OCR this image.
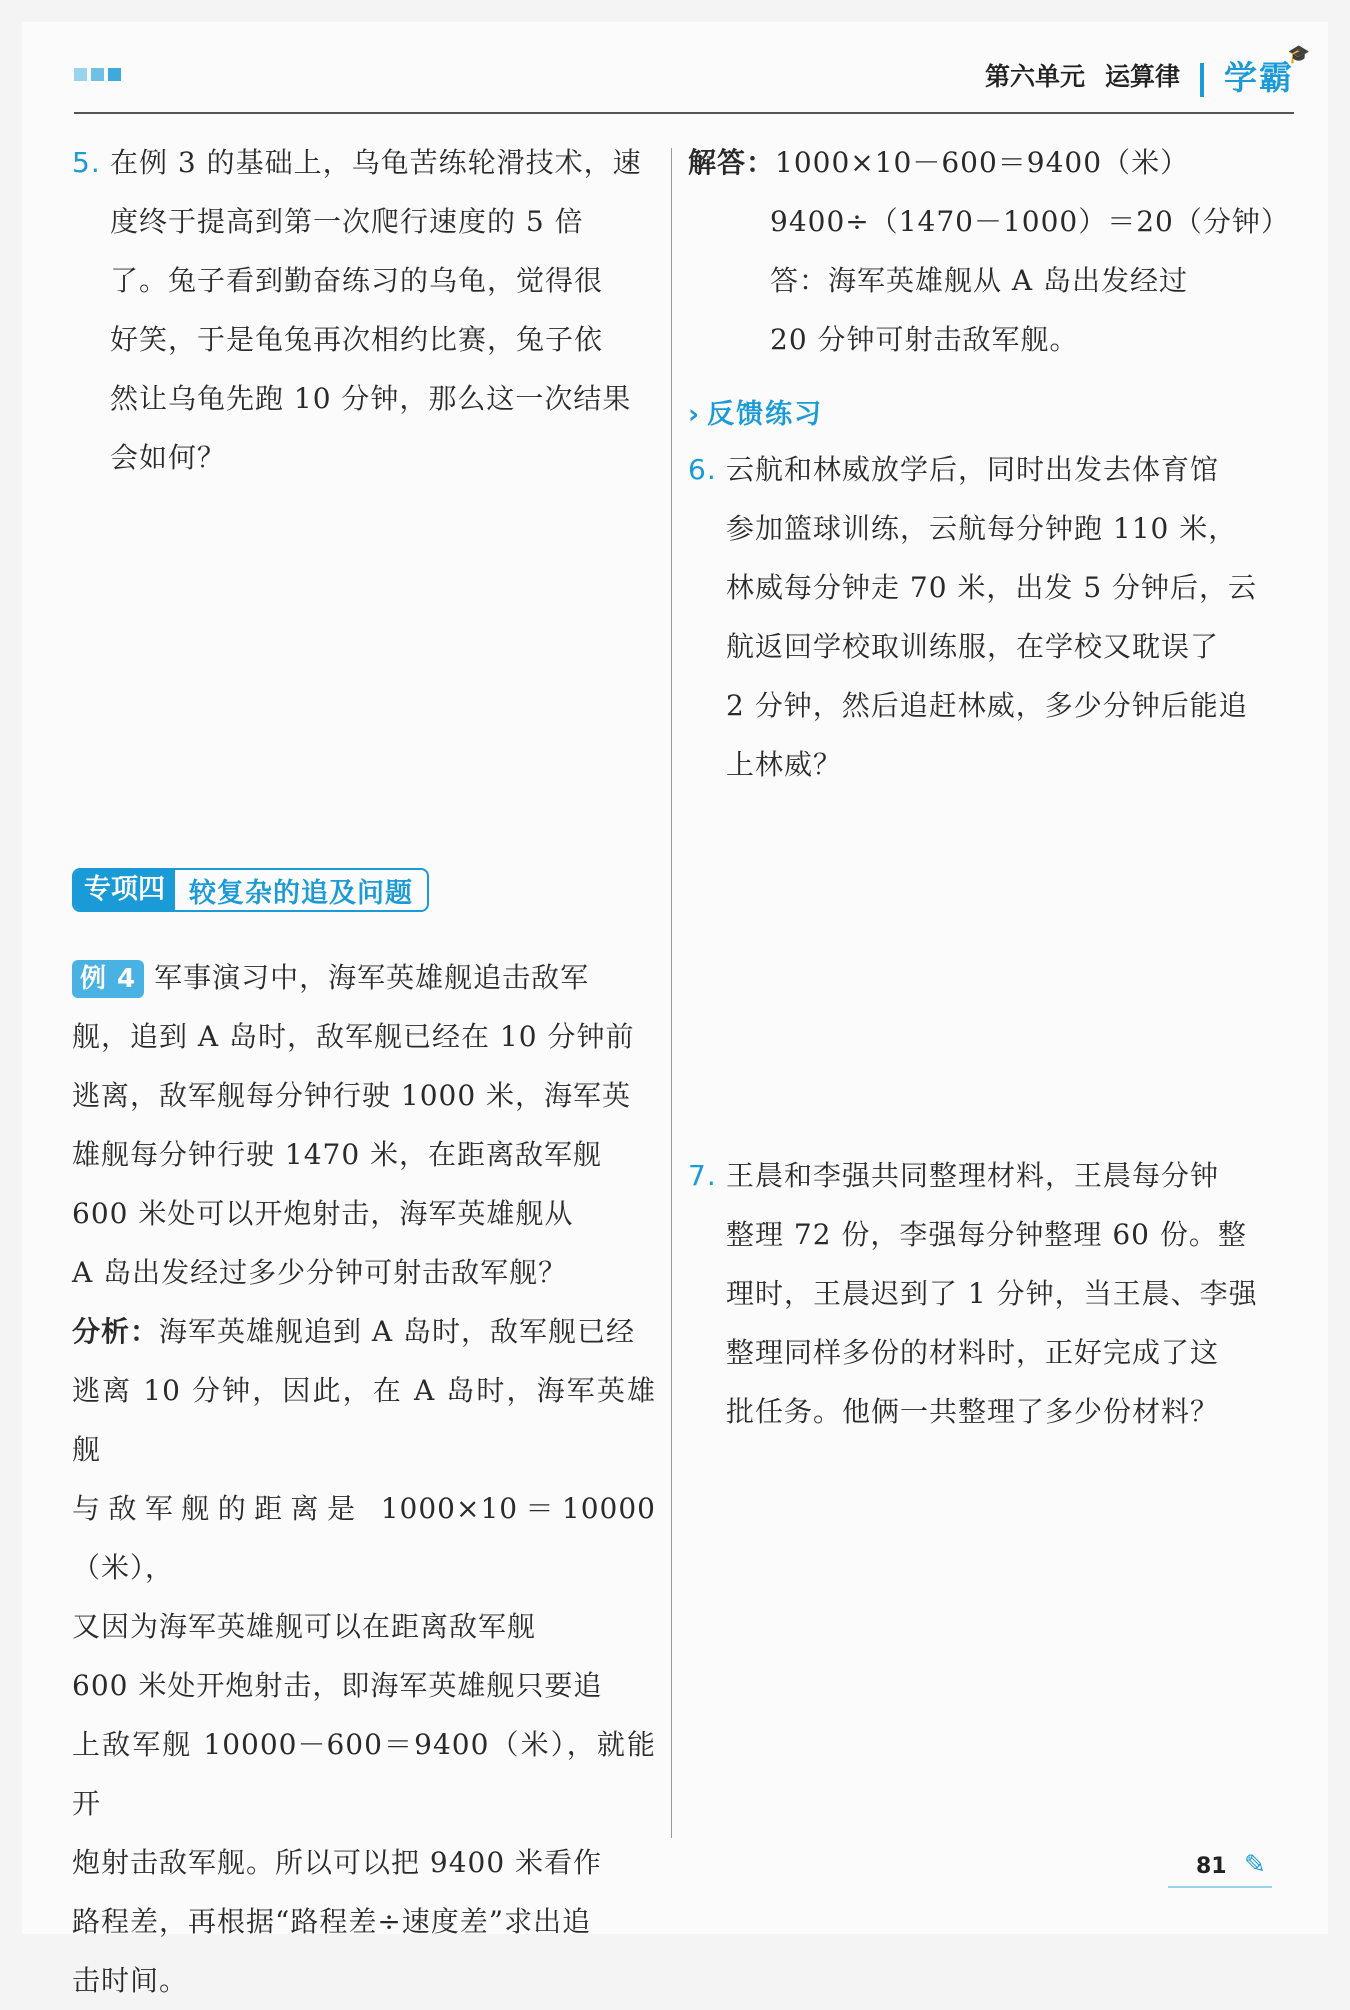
第六单元 运算律 学霸
🎓
5. 在例 3 的基础上，乌龟苦练轮滑技术，速
度终于提高到第一次爬行速度的 5 倍
了。兔子看到勤奋练习的乌龟，觉得很
好笑，于是龟兔再次相约比赛，兔子依
然让乌龟先跑 10 分钟，那么这一次结果
会如何？
专项四 较复杂的追及问题
例 4 军事演习中，海军英雄舰追击敌军
舰，追到 A 岛时，敌军舰已经在 10 分钟前
逃离，敌军舰每分钟行驶 1000 米，海军英
雄舰每分钟行驶 1470 米，在距离敌军舰
600 米处可以开炮射击，海军英雄舰从
A 岛出发经过多少分钟可射击敌军舰？
分析：海军英雄舰追到 A 岛时，敌军舰已经
逃离 10 分钟，因此，在 A 岛时，海军英雄舰
与敌军舰的距离是 1000×10＝10000（米），
又因为海军英雄舰可以在距离敌军舰
600 米处开炮射击，即海军英雄舰只要追
上敌军舰 10000－600＝9400（米），就能开
炮射击敌军舰。所以可以把 9400 米看作
路程差，再根据“路程差÷速度差”求出追
击时间。
解答：1000×10－600＝9400（米）
9400÷（1470－1000）＝20（分钟）
答：海军英雄舰从 A 岛出发经过
20 分钟可射击敌军舰。
› 反馈练习
6. 云航和林威放学后，同时出发去体育馆
参加篮球训练，云航每分钟跑 110 米，
林威每分钟走 70 米，出发 5 分钟后，云
航返回学校取训练服，在学校又耽误了
2 分钟，然后追赶林威，多少分钟后能追
上林威？
7. 王晨和李强共同整理材料，王晨每分钟
整理 72 份，李强每分钟整理 60 份。整
理时，王晨迟到了 1 分钟，当王晨、李强
整理同样多份的材料时，正好完成了这
批任务。他俩一共整理了多少份材料？
81 ✎
